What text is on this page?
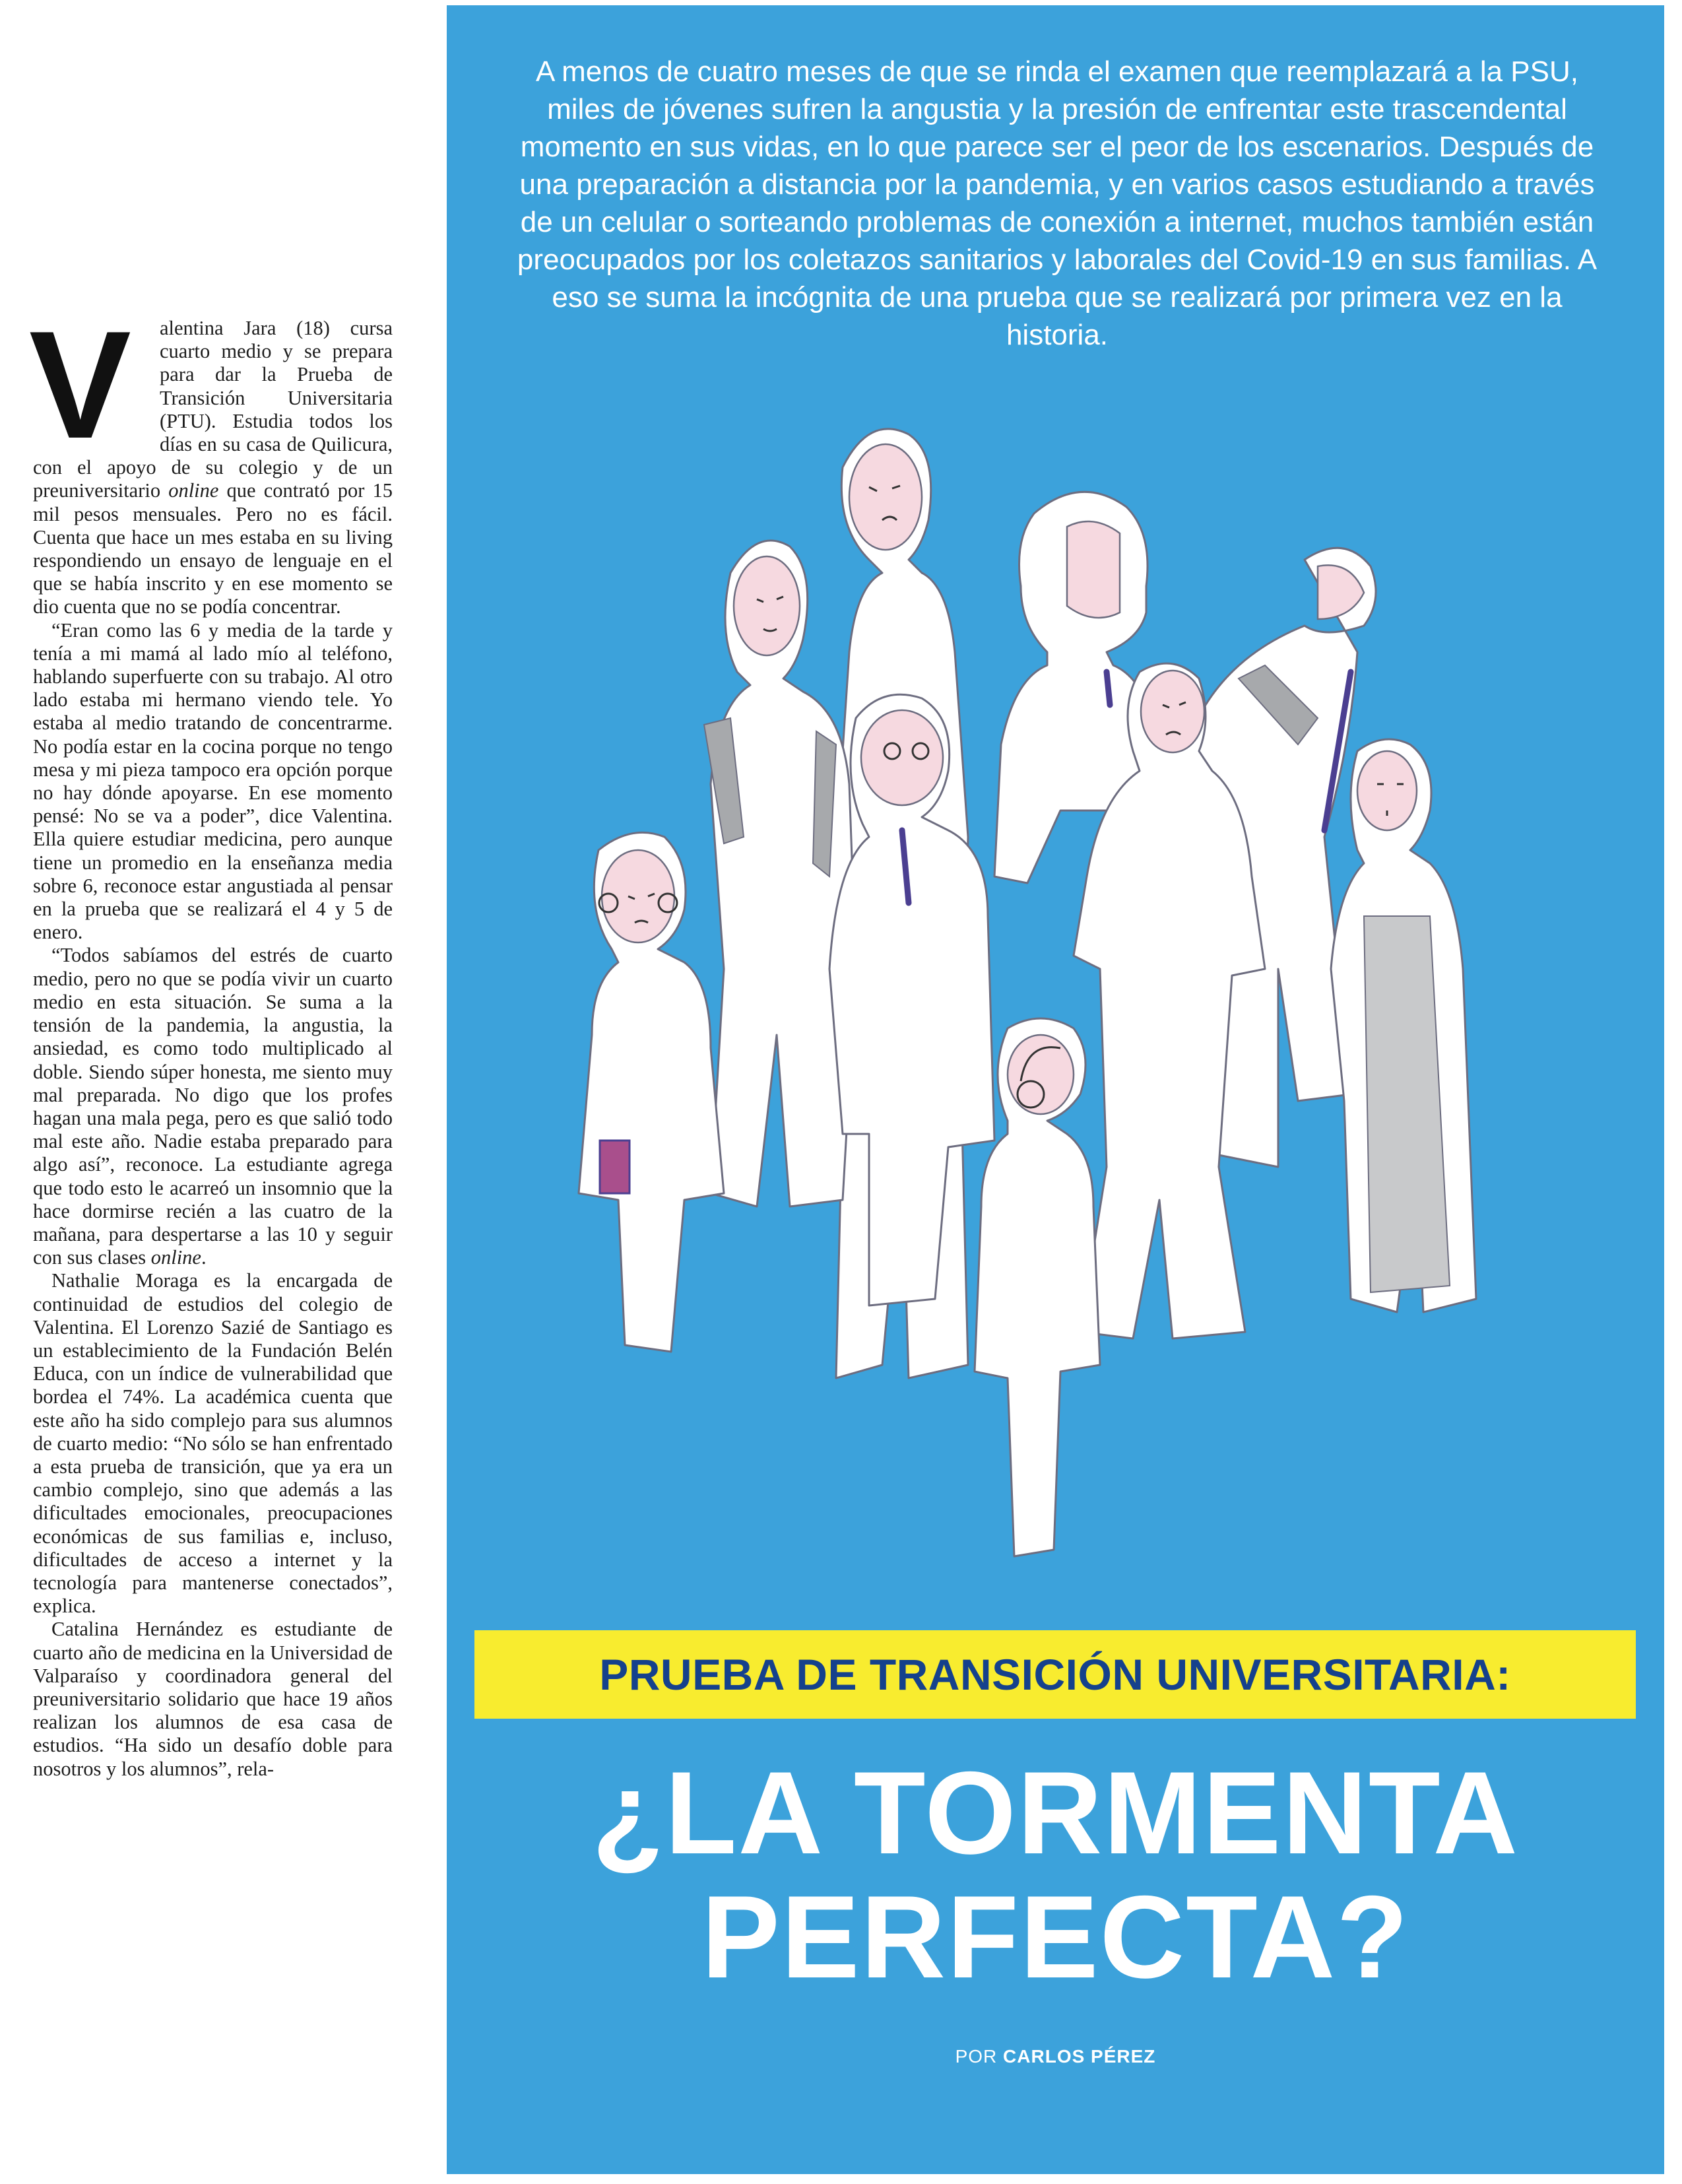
V	alentina Jara (18) cursa cuarto medio y se prepara para dar la Prueba de Transición Universitaria (PTU). Estudia todos los días en su casa de Quilicura, con el apoyo de su colegio y de un preuniversitario online que contrató por 15 mil pesos mensuales. Pero no es fácil. Cuenta que hace un mes estaba en su living respondiendo un ensayo de lenguaje en el que se había inscrito y en ese momento se dio cuenta que no se podía concentrar.

“Eran como las 6 y media de la tarde y tenía a mi mamá al lado mío al teléfono, hablando superfuerte con su trabajo. Al otro lado estaba mi hermano viendo tele. Yo estaba al medio tratando de concentrarme. No podía estar en la cocina porque no tengo mesa y mi pieza tampoco era opción porque no hay dónde apoyarse. En ese momento pensé: No se va a poder”, dice Valentina. Ella quiere estudiar medicina, pero aunque tiene un promedio en la enseñanza media sobre 6, reconoce estar angustiada al pensar en la prueba que se realizará el 4 y 5 de enero.

“Todos sabíamos del estrés de cuarto medio, pero no que se podía vivir un cuarto medio en esta situación. Se suma a la tensión de la pandemia, la angustia, la ansiedad, es como todo multiplicado al doble. Siendo súper honesta, me siento muy mal preparada. No digo que los profes hagan una mala pega, pero es que salió todo mal este año. Nadie estaba preparado para algo así”, reconoce. La estudiante agrega que todo esto le acarreó un insomnio que la hace dormirse recién a las cuatro de la mañana, para despertarse a las 10 y seguir con sus clases online.

Nathalie Moraga es la encargada de continuidad de estudios del colegio de Valentina. El Lorenzo Sazié de Santiago es un establecimiento de la Fundación Belén Educa, con un índice de vulnerabilidad que bordea el 74%. La académica cuenta que este año ha sido complejo para sus alumnos de cuarto medio: “No sólo se han enfrentado a esta prueba de transición, que ya era un cambio complejo, sino que además a las dificultades emocionales, preocupaciones económicas de sus familias e, incluso, dificultades de acceso a internet y la tecnología para mantenerse conectados”, explica.

Catalina Hernández es estudiante de cuarto año de medicina en la Universidad de Valparaíso y coordinadora general del preuniversitario solidario que hace 19 años realizan los alumnos de esa casa de estudios. “Ha sido un desafío doble para nosotros y los alumnos”, rela-

A menos de cuatro meses de que se rinda el examen que reemplazará a la PSU, miles de jóvenes sufren la angustia y la presión de enfrentar este trascendental momento en sus vidas, en lo que parece ser el peor de los escenarios. Después de una preparación a distancia por la pandemia, y en varios casos estudiando a través de un celular o sorteando problemas de conexión a internet, muchos también están preocupados por los coletazos sanitarios y laborales del Covid-19 en sus familias. A eso se suma la incógnita de una prueba que se realizará por primera vez en la historia.
PRUEBA DE TRANSICIÓN UNIVERSITARIA:
¿LA TORMENTA
PERFECTA?
POR CARLOS PÉREZ
